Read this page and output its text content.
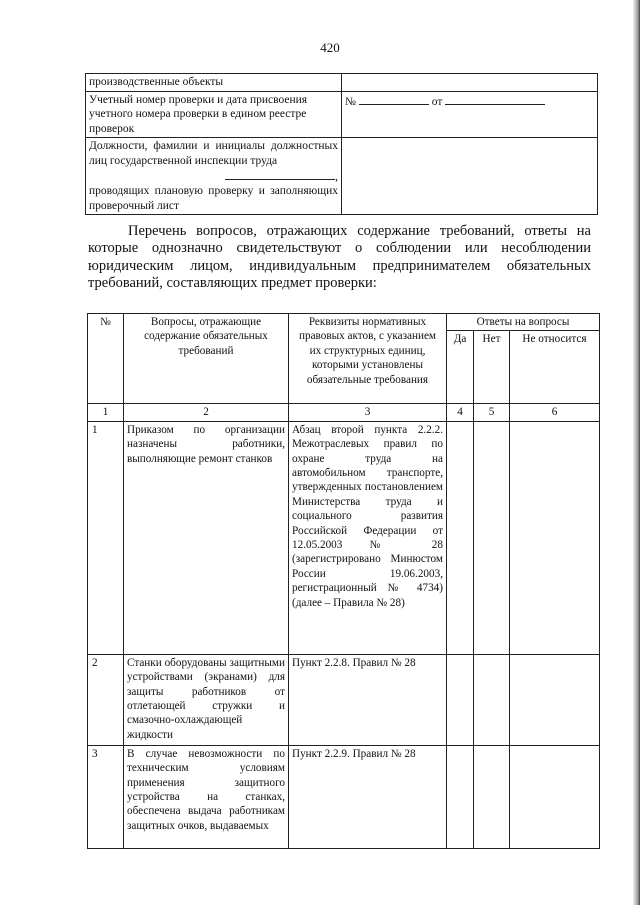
420
производственные объекты	
Учетный номер проверки и дата присвоения учетного номера проверки в едином реестре проверок	№ от

Должности, фамилии и инициалы должностных лиц государственной инспекции труда
,
проводящих плановую проверку и заполняющих проверочный лист	

Перечень вопросов, отражающих содержание требований, ответы на которые однозначно свидетельствуют о соблюдении или несоблюдении юридическим лицом, индивидуальным предпринимателем обязательных требований, составляющих предмет проверки:
№	Вопросы, отражающие содержание обязательных требований	Реквизиты нормативных правовых актов, с указанием их структурных единиц, которыми установлены обязательные требования	Ответы на вопросы		
			Да	Нет	Не относится
1	2	3	4	5	6
1	Приказом по организации назначены работники, выполняющие ремонт станков	Абзац второй пункта 2.2.2. Межотраслевых правил по охране труда на автомобильном транспорте, утвержденных постановлением Министерства труда и социального развития Российской Федерации от 12.05.2003 № 28 (зарегистрировано Минюстом России 19.06.2003, регистрационный № 4734) (далее – Правила № 28)			
2	Станки оборудованы защитными устройствами (экранами) для защиты работников от отлетающей стружки и смазочно-охлаждающей жидкости	Пункт 2.2.8. Правил № 28			
3	В случае невозможности по техническим условиям применения защитного устройства на станках, обеспечена выдача работникам защитных очков, выдаваемых	Пункт 2.2.9. Правил № 28			
